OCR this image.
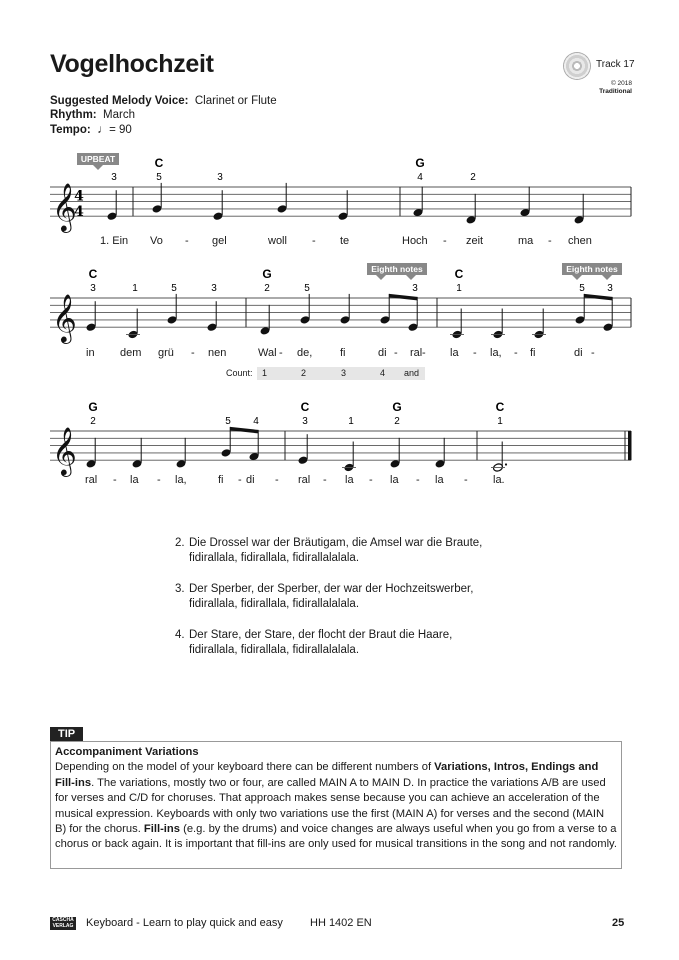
Vogelhochzeit
Suggested Melody Voice: Clarinet or Flute
Rhythm: March
Tempo: ♩= 90
Track 17
© 2018
Traditional
𝄞
4
4
3	5	3	4	2
C	G
𝄞
3	1	5	3	2	5	3	1	5 3
C	G	C
𝄞
2	5 4	3	1	2	1
G	C	G	C
UPBEAT
Eighth notes	Eighth notes
1. Ein Vo	gel	woll	te	Hoch	zeit	ma	chen
-	-	-	-
in dem grü	nen	Wal de,	fi	di ral	la	la,	fi	di
-	-	- -	-	-	-
ral	la	la,	fi di	ral	la	la	la	la.
-	-	-	-	-	-	-	-
Count: 1	2	3	4 and
2. Die Drossel war der Bräutigam, die Amsel war die Braute,
fidirallala, fidirallala, fidirallalalala.
3. Der Sperber, der Sperber, der war der Hochzeitswerber,
fidirallala, fidirallala, fidirallalalala.
4. Der Stare, der Stare, der flocht der Braut die Haare,
fidirallala, fidirallala, fidirallalalala.
TIP
Accompaniment Variations
Depending on the model of your keyboard there can be different numbers of Variations, Intros, Endings and Fill-ins. The variations, mostly two or four, are called MAIN A to MAIN D. In practice the variations A/B are used for verses and C/D for choruses. That approach makes sense because you can achieve an acceleration of the musical expression. Keyboards with only two variations use the first (MAIN A) for verses and the second (MAIN B) for the chorus. Fill-ins (e.g. by the drums) and voice changes are always useful when you go from a verse to a chorus or back again. It is important that fill-ins are only used for musical transitions in the song and not randomly.
CASCHA
VERLAG Keyboard - Learn to play quick and easy HH 1402 EN	25
